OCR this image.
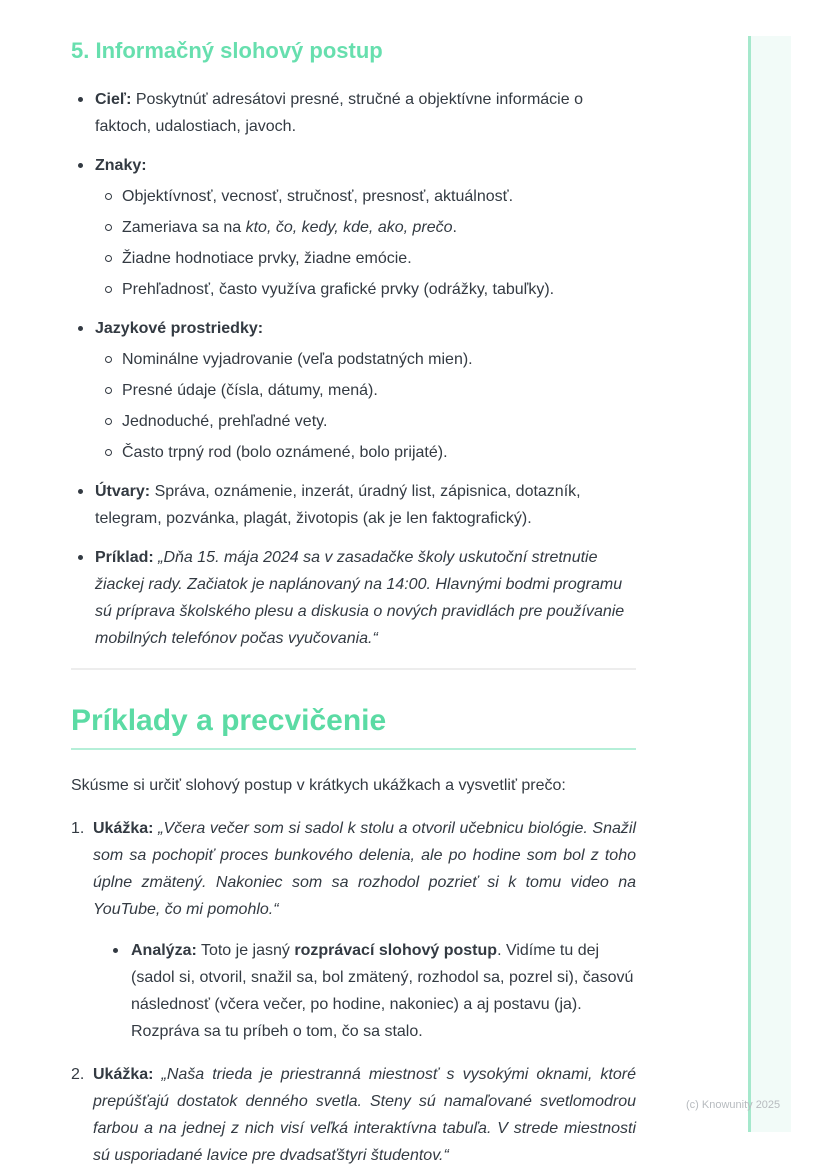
5. Informačný slohový postup
Cieľ: Poskytnúť adresátovi presné, stručné a objektívne informácie o faktoch, udalostiach, javoch.
Znaky:
Objektívnosť, vecnosť, stručnosť, presnosť, aktuálnosť.
Zameriava sa na kto, čo, kedy, kde, ako, prečo.
Žiadne hodnotiace prvky, žiadne emócie.
Prehľadnosť, často využíva grafické prvky (odrážky, tabuľky).
Jazykové prostriedky:
Nominálne vyjadrovanie (veľa podstatných mien).
Presné údaje (čísla, dátumy, mená).
Jednoduché, prehľadné vety.
Často trpný rod (bolo oznámené, bolo prijaté).
Útvary: Správa, oznámenie, inzerát, úradný list, zápisnica, dotazník, telegram, pozvánka, plagát, životopis (ak je len faktografický).
Príklad: „Dňa 15. mája 2024 sa v zasadačke školy uskutoční stretnutie žiackej rady. Začiatok je naplánovaný na 14:00. Hlavnými bodmi programu sú príprava školského plesu a diskusia o nových pravidlách pre používanie mobilných telefónov počas vyučovania.“
Príklady a precvičenie

Skúsme si určiť slohový postup v krátkych ukážkach a vysvetliť prečo:

1. Ukážka: „Včera večer som si sadol k stolu a otvoril učebnicu biológie. Snažil som sa pochopiť proces bunkového delenia, ale po hodine som bol z toho úplne zmätený. Nakoniec som sa rozhodol pozrieť si k tomu video na YouTube, čo mi pomohlo.“

Analýza: Toto je jasný rozprávací slohový postup. Vidíme tu dej (sadol si, otvoril, snažil sa, bol zmätený, rozhodol sa, pozrel si), časovú následnosť (včera večer, po hodine, nakoniec) a aj postavu (ja). Rozpráva sa tu príbeh o tom, čo sa stalo.
2. Ukážka: „Naša trieda je priestranná miestnosť s vysokými oknami, ktoré prepúšťajú dostatok denného svetla. Steny sú namaľované svetlomodrou farbou a na jednej z nich visí veľká interaktívna tabuľa. V strede miestnosti sú usporiadané lavice pre dvadsaťštyri študentov.“

(c) Knowunity 2025
